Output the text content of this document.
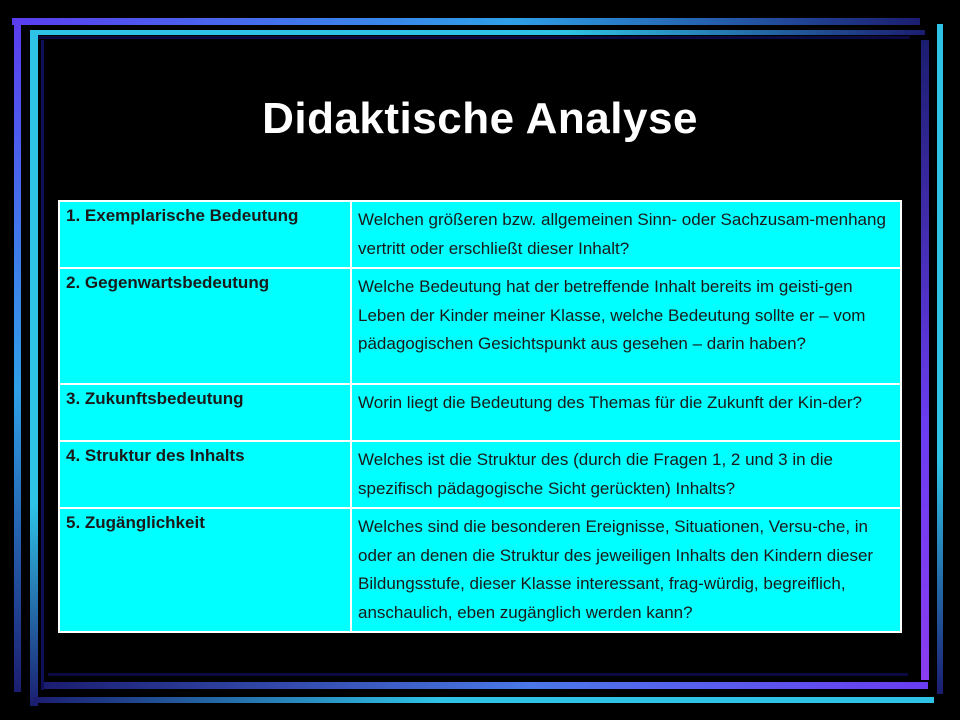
Didaktische Analyse
1. Exemplarische Bedeutung	Welchen größeren bzw. allgemeinen Sinn- oder Sachzusam-menhang vertritt oder erschließt dieser Inhalt?
2. Gegenwartsbedeutung	Welche Bedeutung hat der betreffende Inhalt bereits im geisti-gen Leben der Kinder meiner Klasse, welche Bedeutung sollte er – vom pädagogischen Gesichtspunkt aus gesehen – darin haben?
3. Zukunftsbedeutung	Worin liegt die Bedeutung des Themas für die Zukunft der Kin-der?
4. Struktur des Inhalts	Welches ist die Struktur des (durch die Fragen 1, 2 und 3 in die spezifisch pädagogische Sicht gerückten) Inhalts?
5. Zugänglichkeit	Welches sind die besonderen Ereignisse, Situationen, Versu-che, in oder an denen die Struktur des jeweiligen Inhalts den Kindern dieser Bildungsstufe, dieser Klasse interessant, frag-würdig, begreiflich, anschaulich, eben zugänglich werden kann?
